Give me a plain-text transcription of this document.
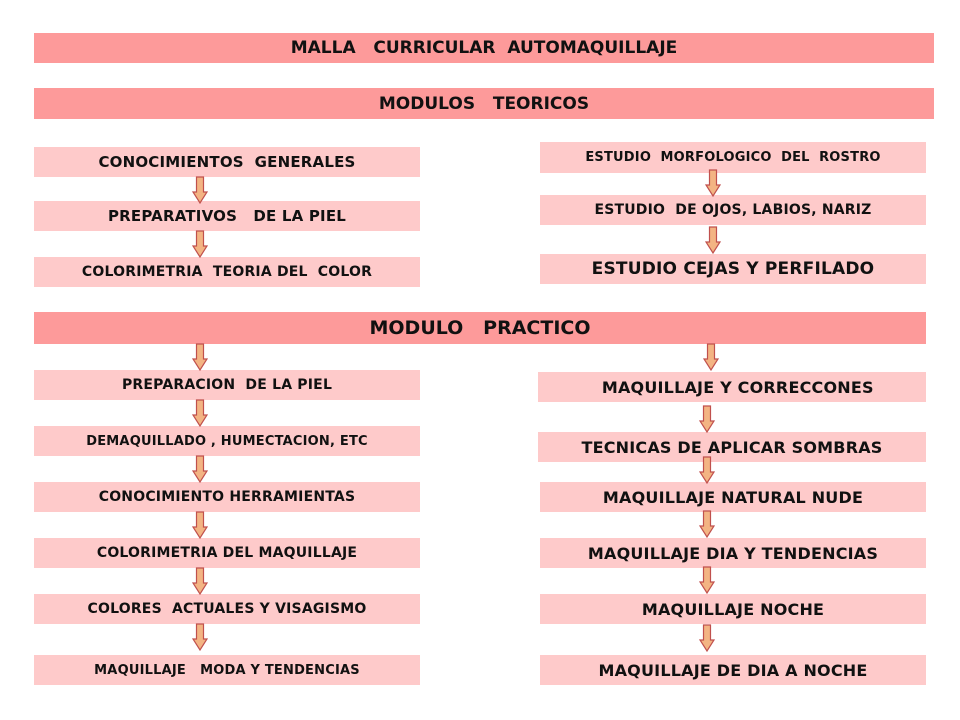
MALLA   CURRICULAR  AUTOMAQUILLAJE
MODULOS   TEORICOS
CONOCIMIENTOS  GENERALES
PREPARATIVOS   DE LA PIEL
COLORIMETRIA  TEORIA DEL  COLOR
ESTUDIO  MORFOLOGICO  DEL  ROSTRO
ESTUDIO  DE OJOS, LABIOS, NARIZ
ESTUDIO CEJAS Y PERFILADO
MODULO   PRACTICO
PREPARACION  DE LA PIEL
DEMAQUILLADO , HUMECTACION, ETC
CONOCIMIENTO HERRAMIENTAS
COLORIMETRIA DEL MAQUILLAJE
COLORES  ACTUALES Y VISAGISMO
MAQUILLAJE   MODA Y TENDENCIAS
MAQUILLAJE Y CORRECCONES
TECNICAS DE APLICAR SOMBRAS
MAQUILLAJE NATURAL NUDE
MAQUILLAJE DIA Y TENDENCIAS
MAQUILLAJE NOCHE
MAQUILLAJE DE DIA A NOCHE
